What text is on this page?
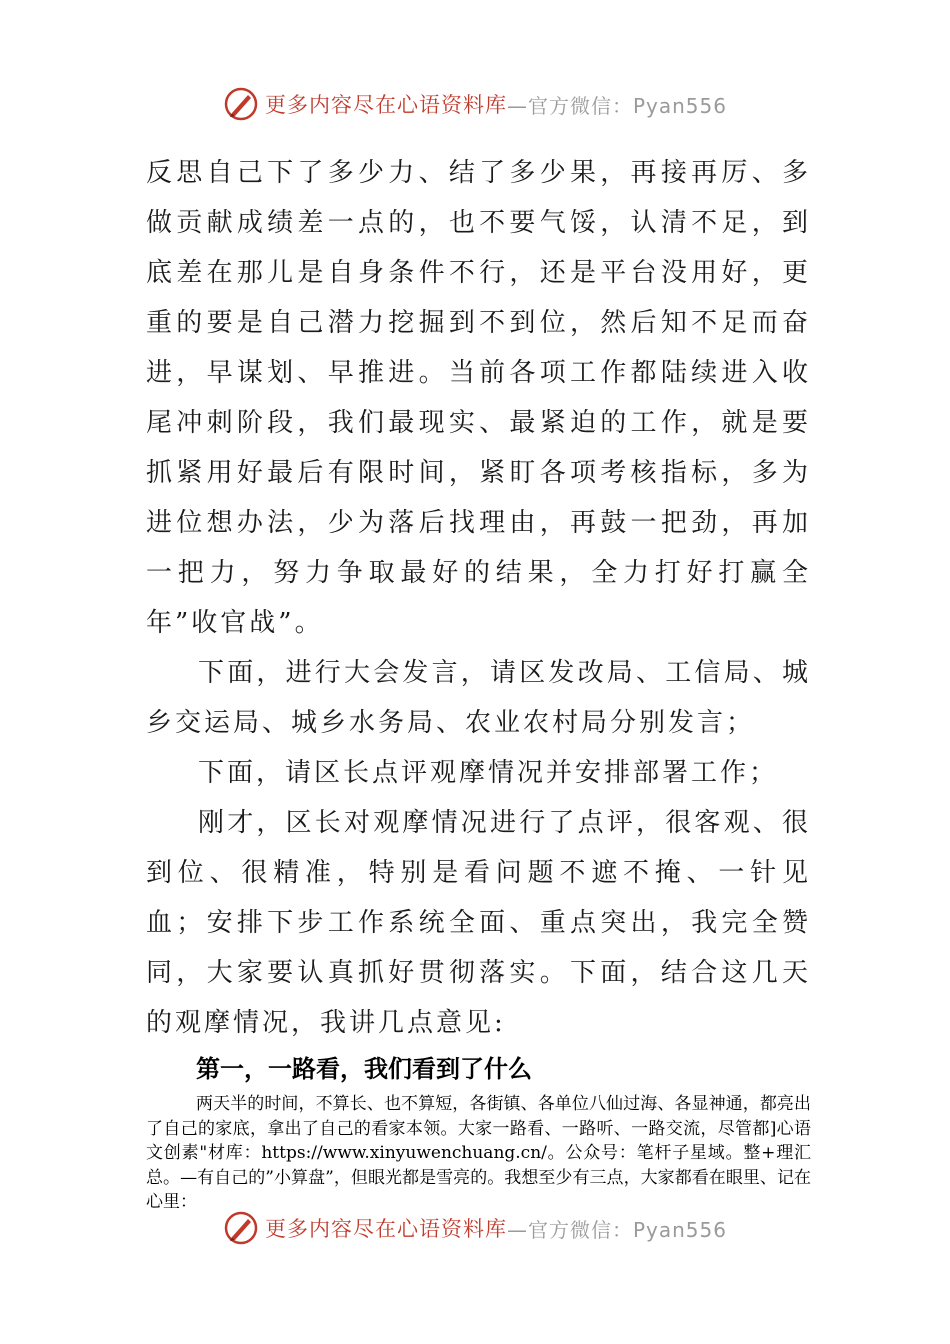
更多内容尽在心语资料库 —官方微信：Pyan556

反思自己下了多少力、结了多少果，再接再厉、多做贡献成绩差一点的，也不要气馁，认清不足，到底差在那儿是自身条件不行，还是平台没用好，更重的要是自己潜力挖掘到不到位，然后知不足而奋进，早谋划、早推进。当前各项工作都陆续进入收尾冲刺阶段，我们最现实、最紧迫的工作，就是要抓紧用好最后有限时间，紧盯各项考核指标，多为进位想办法，少为落后找理由，再鼓一把劲，再加一把力，努力争取最好的结果，全力打好打赢全年”收官战”。

下面，进行大会发言，请区发改局、工信局、城乡交运局、城乡水务局、农业农村局分别发言；

下面，请区长点评观摩情况并安排部署工作；

刚才，区长对观摩情况进行了点评，很客观、很到位、很精准，特别是看问题不遮不掩、一针见血；安排下步工作系统全面、重点突出，我完全赞同，大家要认真抓好贯彻落实。下面，结合这几天的观摩情况，我讲几点意见:

第一，一路看，我们看到了什么

两天半的时间，不算长、也不算短，各街镇、各单位八仙过海、各显神通，都亮出了自己的家底，拿出了自己的看家本领。大家一路看、一路听、一路交流，尽管都]心语文创素"材库：https://www.xinyuwenchuang.cn/。公众号：笔杆子星域。整+理汇总。—有自己的”小算盘”，但眼光都是雪亮的。我想至少有三点，大家都看在眼里、记在心里：

更多内容尽在心语资料库 —官方微信：Pyan556
